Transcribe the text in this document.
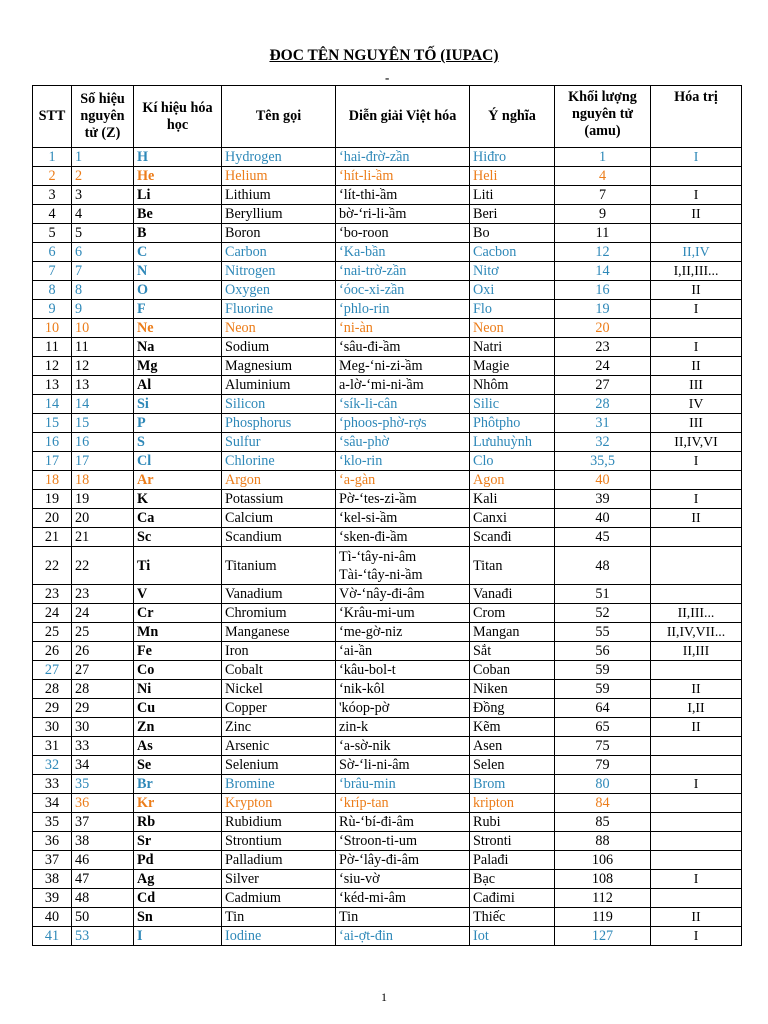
ĐOC TÊN NGUYÊN TỐ (IUPAC)
-
STT	Số hiệu nguyên tử (Z)	Kí hiệu hóa học	Tên gọi	Diễn giải Việt hóa	Ý nghĩa	Khối lượng nguyên tử (amu)	Hóa trị
1	1	H	Hydrogen	‘hai-đrờ-zần	Hiđro	1	I
2	2	He	Helium	‘hít-li-ầm	Heli	4	
3	3	Li	Lithium	‘lít-thi-ầm	Liti	7	I
4	4	Be	Beryllium	bờ-‘ri-li-ầm	Beri	9	II
5	5	B	Boron	‘bo-roon	Bo	11	
6	6	C	Carbon	‘Ka-bần	Cacbon	12	II,IV
7	7	N	Nitrogen	‘nai-trờ-zần	Nitơ	14	I,II,III...
8	8	O	Oxygen	‘óoc-xi-zần	Oxi	16	II
9	9	F	Fluorine	‘phlo-rin	Flo	19	I
10	10	Ne	Neon	‘ni-àn	Neon	20	
11	11	Na	Sodium	‘sâu-đi-ầm	Natri	23	I
12	12	Mg	Magnesium	Meg-‘ni-zi-ầm	Magie	24	II
13	13	Al	Aluminium	a-lờ-‘mi-ni-ầm	Nhôm	27	III
14	14	Si	Silicon	‘sík-li-cân	Silic	28	IV
15	15	P	Phosphorus	‘phoos-phờ-rợs	Phôtpho	31	III
16	16	S	Sulfur	‘sâu-phờ	Lưuhuỳnh	32	II,IV,VI
17	17	Cl	Chlorine	‘klo-rin	Clo	35,5	I
18	18	Ar	Argon	‘a-gàn	Agon	40	
19	19	K	Potassium	Pờ-‘tes-zi-ầm	Kali	39	I
20	20	Ca	Calcium	‘kel-si-ầm	Canxi	40	II
21	21	Sc	Scandium	‘sken-đi-ầm	Scanđi	45	
22	22	Ti	Titanium	Tì-‘tây-ni-âm
Tài-‘tây-ni-ầm	Titan	48	
23	23	V	Vanadium	Vờ-‘nây-đi-âm	Vanađi	51	
24	24	Cr	Chromium	‘Krâu-mi-um	Crom	52	II,III...
25	25	Mn	Manganese	‘me-gờ-niz	Mangan	55	II,IV,VII...
26	26	Fe	Iron	‘ai-ần	Sắt	56	II,III
27	27	Co	Cobalt	‘kâu-bol-t	Coban	59	
28	28	Ni	Nickel	‘nik-kôl	Niken	59	II
29	29	Cu	Copper	'kóop-pờ	Đồng	64	I,II
30	30	Zn	Zinc	zin-k	Kẽm	65	II
31	33	As	Arsenic	‘a-sờ-nik	Asen	75	
32	34	Se	Selenium	Sờ-‘li-ni-âm	Selen	79	
33	35	Br	Bromine	‘brâu-min	Brom	80	I
34	36	Kr	Krypton	‘kríp-tan	kripton	84	
35	37	Rb	Rubidium	Rù-‘bí-đi-âm	Rubi	85	
36	38	Sr	Strontium	‘Stroon-ti-um	Stronti	88	
37	46	Pd	Palladium	Pờ-‘lây-đi-âm	Palađi	106	
38	47	Ag	Silver	‘siu-vờ	Bạc	108	I
39	48	Cd	Cadmium	‘kéd-mi-âm	Cađimi	112	
40	50	Sn	Tin	Tin	Thiếc	119	II
41	53	I	Iodine	‘ai-ợt-đin	Iot	127	I
1
